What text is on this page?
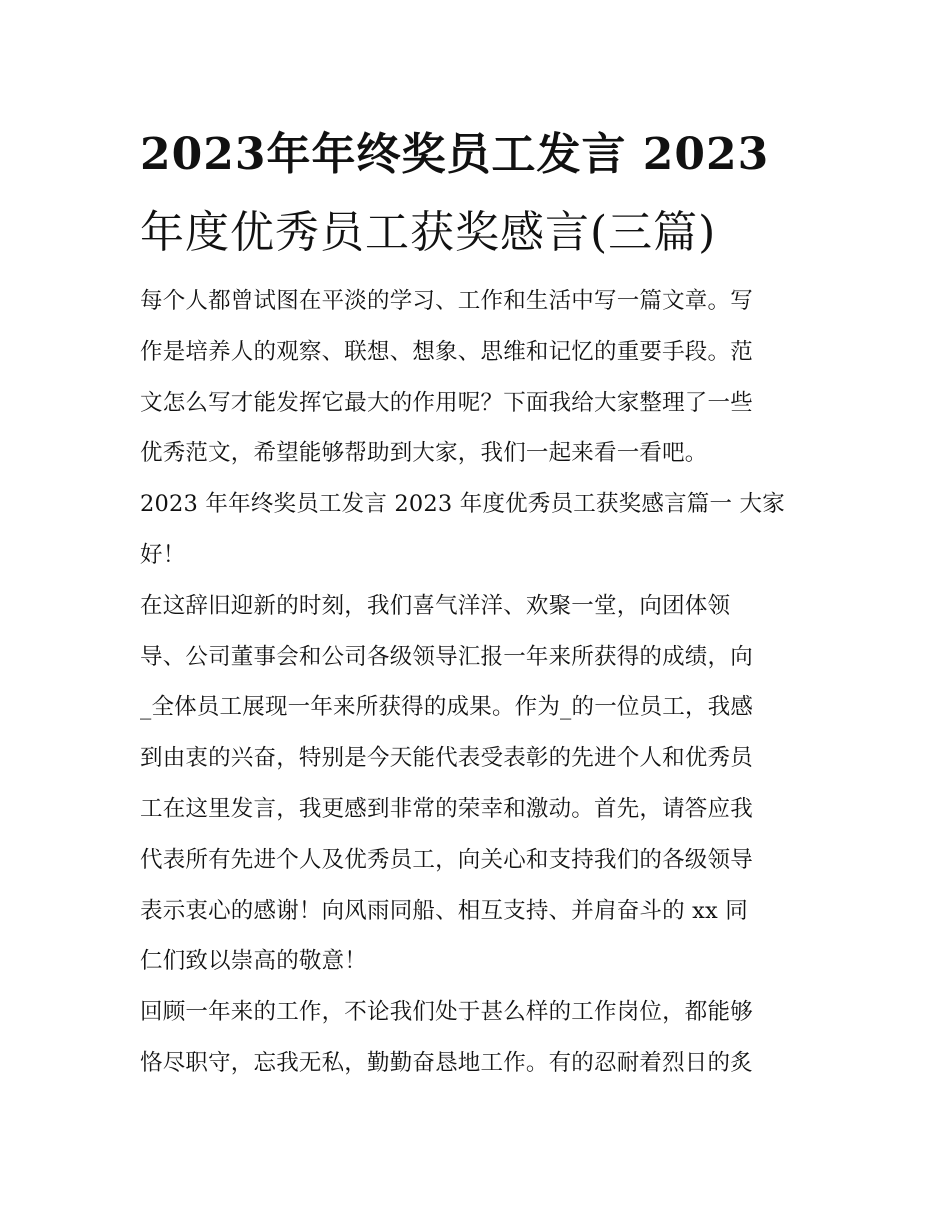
2023年年终奖员工发言 2023
年度优秀员工获奖感言(三篇)
每个人都曾试图在平淡的学习、工作和生活中写一篇文章。写
作是培养人的观察、联想、想象、思维和记忆的重要手段。范
文怎么写才能发挥它最大的作用呢？下面我给大家整理了一些
优秀范文，希望能够帮助到大家，我们一起来看一看吧。
2023 年年终奖员工发言 2023 年度优秀员工获奖感言篇一 大家
好！
在这辞旧迎新的时刻，我们喜气洋洋、欢聚一堂，向团体领
导、公司董事会和公司各级领导汇报一年来所获得的成绩，向
_全体员工展现一年来所获得的成果。作为_的一位员工，我感
到由衷的兴奋，特别是今天能代表受表彰的先进个人和优秀员
工在这里发言，我更感到非常的荣幸和激动。首先，请答应我
代表所有先进个人及优秀员工，向关心和支持我们的各级领导
表示衷心的感谢！向风雨同船、相互支持、并肩奋斗的 xx 同
仁们致以崇高的敬意！
回顾一年来的工作，不论我们处于甚么样的工作岗位，都能够
恪尽职守，忘我无私，勤勤奋恳地工作。有的忍耐着烈日的炙
